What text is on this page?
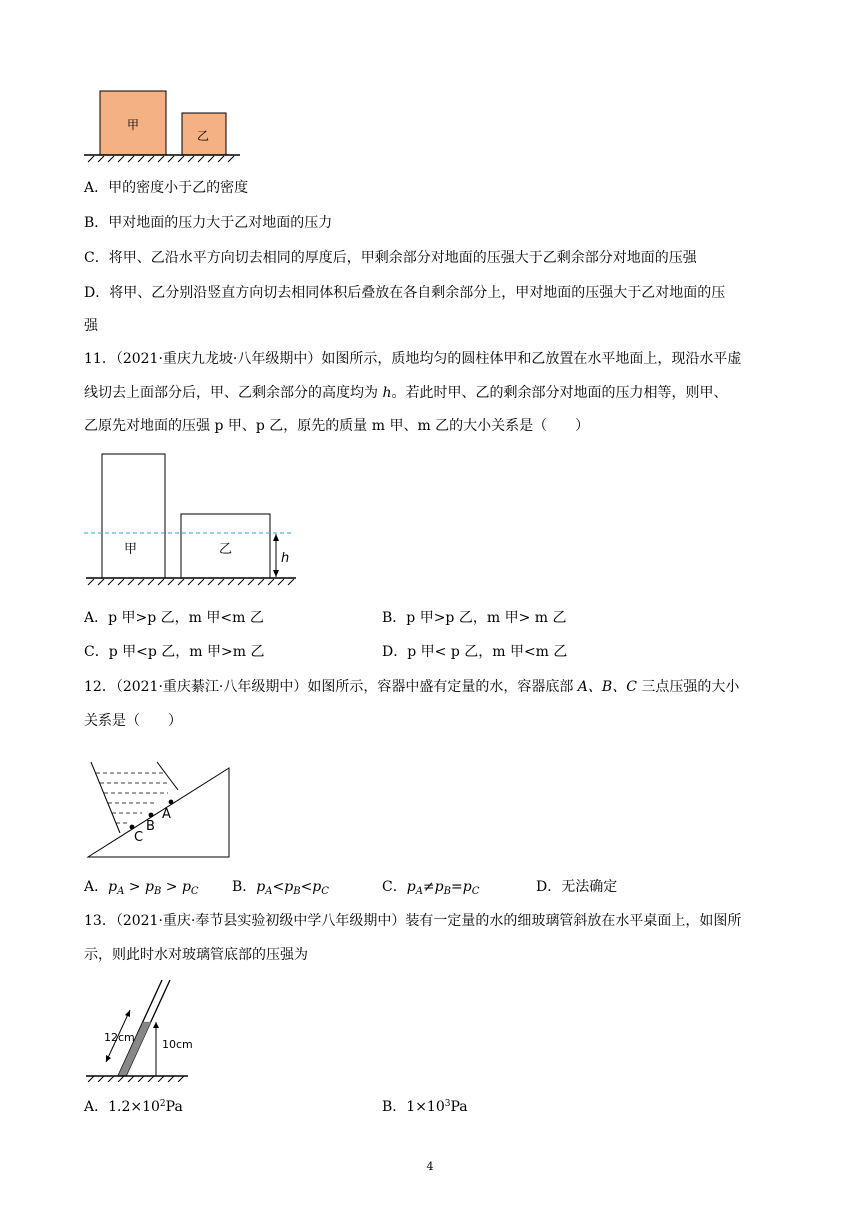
甲
乙
A．甲的密度小于乙的密度
B．甲对地面的压力大于乙对地面的压力
C．将甲、乙沿水平方向切去相同的厚度后，甲剩余部分对地面的压强大于乙剩余部分对地面的压强
D．将甲、乙分别沿竖直方向切去相同体积后叠放在各自剩余部分上，甲对地面的压强大于乙对地面的压
强
11．（2021·重庆九龙坡·八年级期中）如图所示，质地均匀的圆柱体甲和乙放置在水平地面上，现沿水平虚
线切去上面部分后，甲、乙剩余部分的高度均为 h。若此时甲、乙的剩余部分对地面的压力相等，则甲、
乙原先对地面的压强 p 甲、p 乙，原先的质量 m 甲、m 乙的大小关系是（　　）
甲	乙
h
A．p 甲>p 乙，m 甲<m 乙	B．p 甲>p 乙，m 甲> m 乙
C．p 甲<p 乙，m 甲>m 乙	D．p 甲< p 乙，m 甲<m 乙
12．（2021·重庆綦江·八年级期中）如图所示，容器中盛有定量的水，容器底部 A、B、C 三点压强的大小
关系是（　　）
A
B
C
A．$p_A > p_B > p_C$ B．$p_A<p_B<p_C$	C．$p_A\ne p_B=p_C$	D．无法确定
13．（2021·重庆·奉节县实验初级中学八年级期中）装有一定量的水的细玻璃管斜放在水平桌面上，如图所
示，则此时水对玻璃管底部的压强为
12cm
10cm
A．$1.2\times 10^2Pa$	B．$1\times 10^3Pa$
4
